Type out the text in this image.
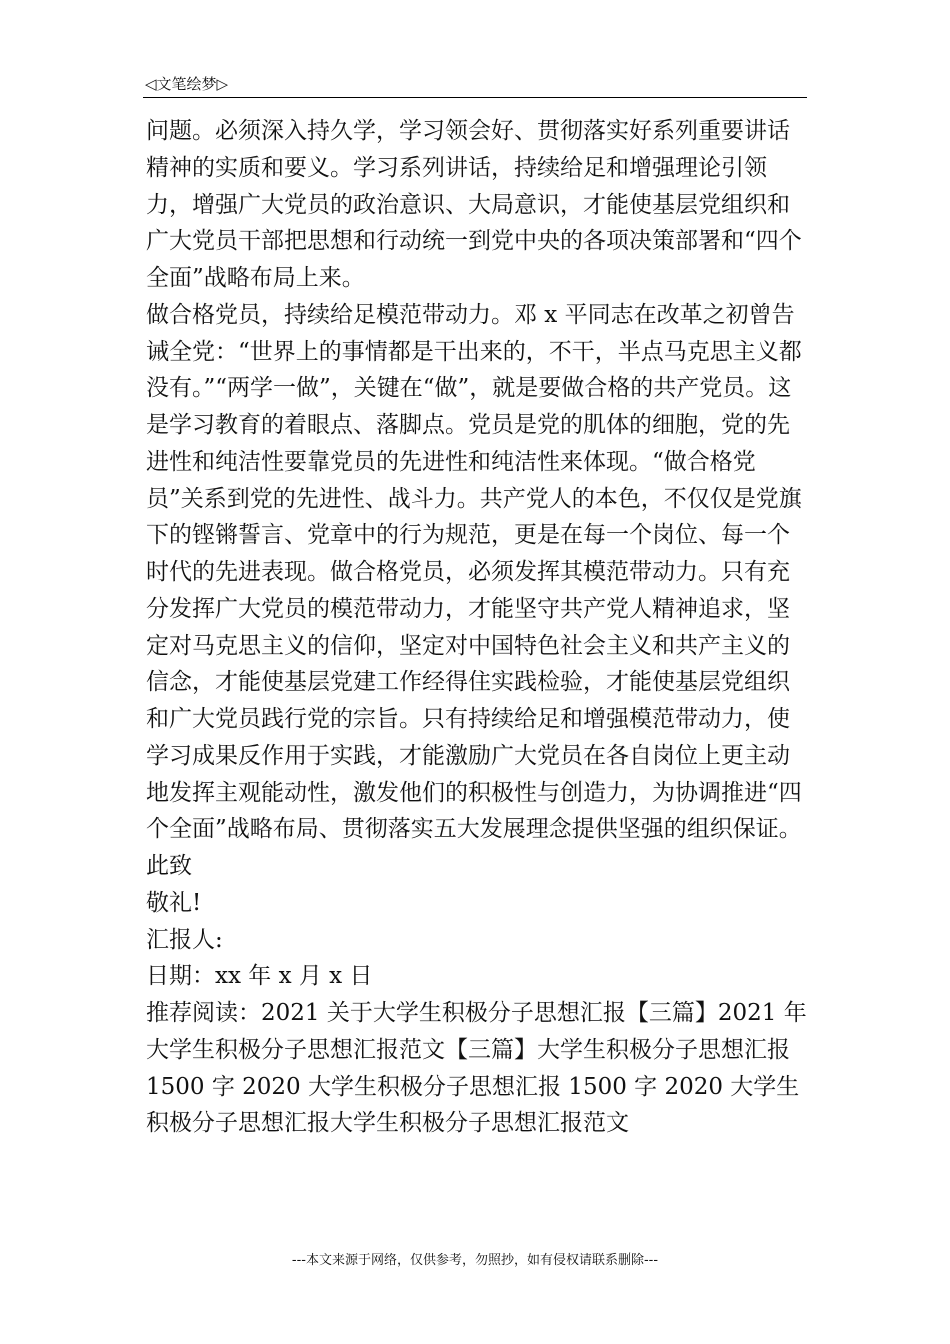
◁文笔绘梦▷

问题。必须深入持久学，学习领会好、贯彻落实好系列重要讲话精神的实质和要义。学习系列讲话，持续给足和增强理论引领力，增强广大党员的政治意识、大局意识，才能使基层党组织和广大党员干部把思想和行动统一到党中央的各项决策部署和“四个全面”战略布局上来。

做合格党员，持续给足模范带动力。邓 x 平同志在改革之初曾告诫全党：“世界上的事情都是干出来的，不干，半点马克思主义都没有。”“两学一做”，关键在“做”，就是要做合格的共产党员。这是学习教育的着眼点、落脚点。党员是党的肌体的细胞，党的先进性和纯洁性要靠党员的先进性和纯洁性来体现。“做合格党员”关系到党的先进性、战斗力。共产党人的本色，不仅仅是党旗下的铿锵誓言、党章中的行为规范，更是在每一个岗位、每一个时代的先进表现。做合格党员，必须发挥其模范带动力。只有充分发挥广大党员的模范带动力，才能坚守共产党人精神追求，坚定对马克思主义的信仰，坚定对中国特色社会主义和共产主义的信念，才能使基层党建工作经得住实践检验，才能使基层党组织和广大党员践行党的宗旨。只有持续给足和增强模范带动力，使学习成果反作用于实践，才能激励广大党员在各自岗位上更主动地发挥主观能动性，激发他们的积极性与创造力，为协调推进“四个全面”战略布局、贯彻落实五大发展理念提供坚强的组织保证。

此致

敬礼!

汇报人:

日期：xx 年 x 月 x 日

推荐阅读：2021 关于大学生积极分子思想汇报【三篇】2021 年大学生积极分子思想汇报范文【三篇】大学生积极分子思想汇报 1500 字 2020 大学生积极分子思想汇报 1500 字 2020 大学生积极分子思想汇报大学生积极分子思想汇报范文

---本文来源于网络，仅供参考，勿照抄，如有侵权请联系删除---
